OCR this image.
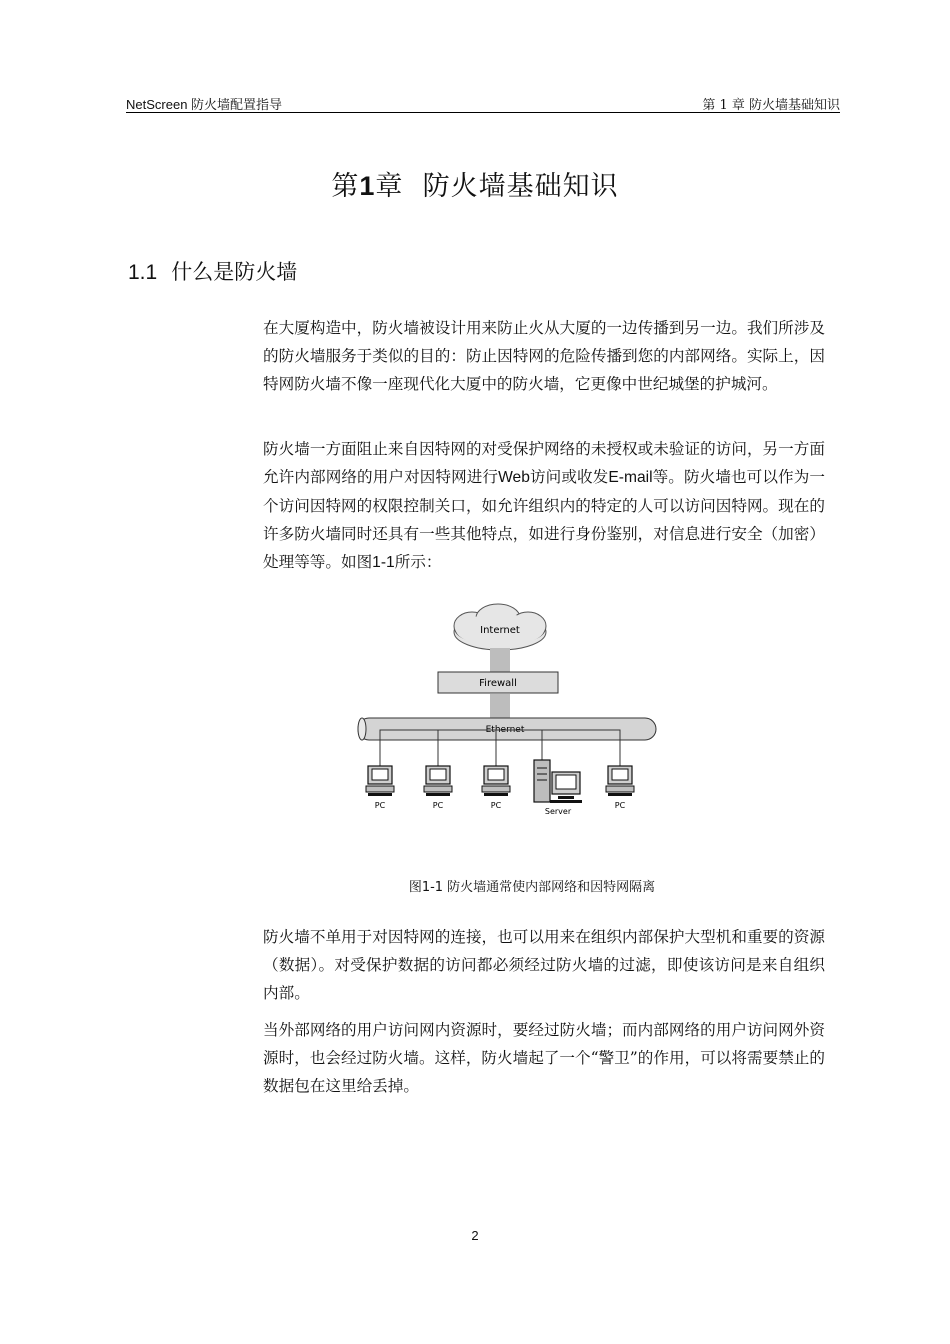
NetScreen 防火墙配置指导	第 1 章 防火墙基础知识
第1章 防火墙基础知识
1.1 什么是防火墙

在大厦构造中，防火墙被设计用来防止火从大厦的一边传播到另一边。我们所涉及的防火墙服务于类似的目的：防止因特网的危险传播到您的内部网络。实际上，因特网防火墙不像一座现代化大厦中的防火墙，它更像中世纪城堡的护城河。

防火墙一方面阻止来自因特网的对受保护网络的未授权或未验证的访问，另一方面允许内部网络的用户对因特网进行Web访问或收发E-mail等。防火墙也可以作为一个访问因特网的权限控制关口，如允许组织内的特定的人可以访问因特网。现在的许多防火墙同时还具有一些其他特点，如进行身份鉴别，对信息进行安全（加密）处理等等。如图1-1所示：

Internet
Firewall
Ethernet
PC	PC	PC
Server
PC
图1-1 防火墙通常使内部网络和因特网隔离

防火墙不单用于对因特网的连接，也可以用来在组织内部保护大型机和重要的资源（数据）。对受保护数据的访问都必须经过防火墙的过滤，即使该访问是来自组织内部。

当外部网络的用户访问网内资源时，要经过防火墙；而内部网络的用户访问网外资源时，也会经过防火墙。这样，防火墙起了一个“警卫”的作用，可以将需要禁止的数据包在这里给丢掉。

2
